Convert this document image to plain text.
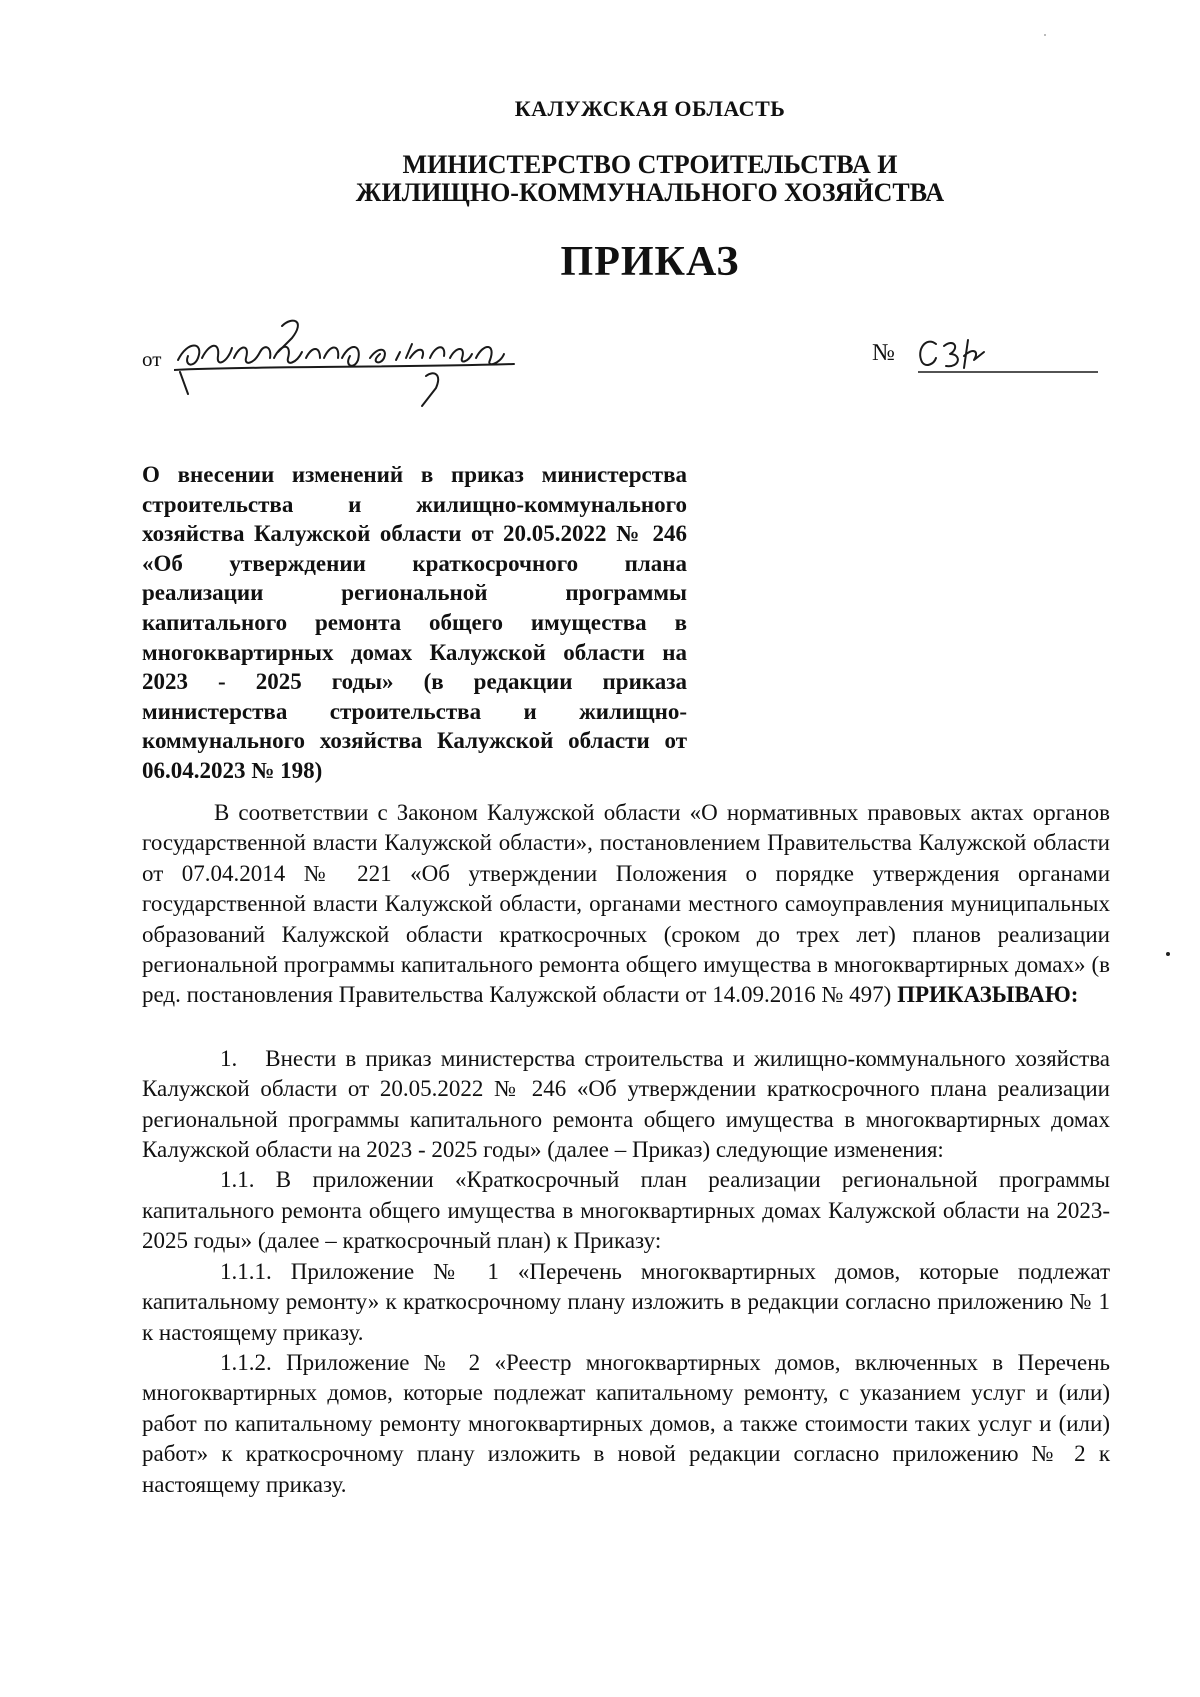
КАЛУЖСКАЯ ОБЛАСТЬ
МИНИСТЕРСТВО СТРОИТЕЛЬСТВА И
ЖИЛИЩНО-КОММУНАЛЬНОГО ХОЗЯЙСТВА
ПРИКАЗ
от	№
О внесении изменений в приказ министерства строительства и жилищно-коммунального хозяйства Калужской области от 20.05.2022 № 246 «Об утверждении краткосрочного плана реализации региональной программы капитального ремонта общего имущества в многоквартирных домах Калужской области на 2023 - 2025 годы» (в редакции приказа министерства строительства и жилищно-коммунального хозяйства Калужской области от 06.04.2023 № 198)

В соответствии с Законом Калужской области «О нормативных правовых актах органов государственной власти Калужской области», постановлением Правительства Калужской области от 07.04.2014 № 221 «Об утверждении Положения о порядке утверждения органами государственной власти Калужской области, органами местного самоуправления муниципальных образований Калужской области краткосрочных (сроком до трех лет) планов реализации региональной программы капитального ремонта общего имущества в многоквартирных домах» (в ред. постановления Правительства Калужской области от 14.09.2016 № 497) ПРИКАЗЫВАЮ:

1. Внести в приказ министерства строительства и жилищно-коммунального хозяйства Калужской области от 20.05.2022 № 246 «Об утверждении краткосрочного плана реализации региональной программы капитального ремонта общего имущества в многоквартирных домах Калужской области на 2023 - 2025 годы» (далее – Приказ) следующие изменения:

1.1. В приложении «Краткосрочный план реализации региональной программы капитального ремонта общего имущества в многоквартирных домах Калужской области на 2023-2025 годы» (далее – краткосрочный план) к Приказу:

1.1.1. Приложение № 1 «Перечень многоквартирных домов, которые подлежат капитальному ремонту» к краткосрочному плану изложить в редакции согласно приложению № 1 к настоящему приказу.

1.1.2. Приложение № 2 «Реестр многоквартирных домов, включенных в Перечень многоквартирных домов, которые подлежат капитальному ремонту, с указанием услуг и (или) работ по капитальному ремонту многоквартирных домов, а также стоимости таких услуг и (или) работ» к краткосрочному плану изложить в новой редакции согласно приложению № 2 к настоящему приказу.
